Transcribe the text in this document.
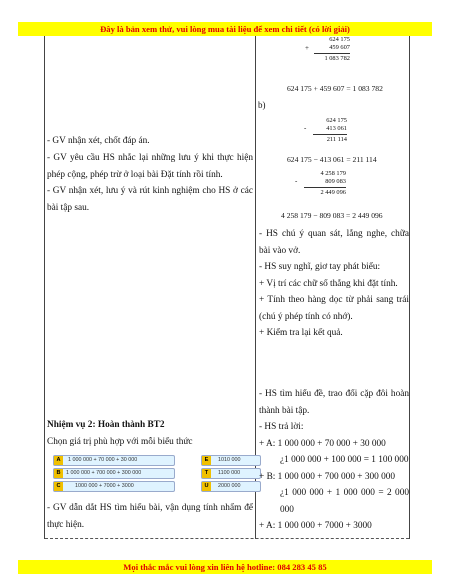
Đây là bản xem thử, vui lòng mua tài liệu để xem chi tiết (có lời giải)

- GV nhận xét, chốt đáp án.

- GV yêu cầu HS nhắc lại những lưu ý khi thực hiện phép cộng, phép trừ ở loại bài Đặt tính rồi tính.

- GV nhận xét, lưu ý và rút kinh nghiệm cho HS ở các bài tập sau.

Nhiệm vụ 2: Hoàn thành BT2

Chọn giá trị phù hợp với mỗi biểu thức

A	1 000 000 + 70 000 + 30 000	E	1010 000
B	1 000 000 + 700 000 + 300 000	T	1100 000
C	1000 000 + 7000 + 3000	U	2000 000

- GV dẫn dắt HS tìm hiểu bài, vận dụng tính nhẩm để thực hiện.

+
624 175
459 607
1 083 782
624 175 + 459 607 = 1 083 782
b)
-
624 175
413 061
211 114
624 175 − 413 061 = 211 114
-
4 258 179
809 083
2 449 096
4 258 179 − 809 083 = 2 449 096

- HS chú ý quan sát, lắng nghe, chữa bài vào vở.

- HS suy nghĩ, giơ tay phát biểu:

+ Vị trí các chữ số thẳng khi đặt tính.

+ Tính theo hàng dọc từ phải sang trái (chú ý phép tính có nhớ).

+ Kiểm tra lại kết quả.

- HS tìm hiểu đề, trao đổi cặp đôi hoàn thành bài tập.

- HS trả lời:

+ A: 1 000 000 + 70 000 + 30 000

¿1 000 000 + 100 000 = 1 100 000

+ B: 1 000 000 + 700 000 + 300 000

¿1 000 000 + 1 000 000 = 2 000 000

+ A: 1 000 000 + 7000 + 3000

Mọi thắc mắc vui lòng xin liên hệ hotline: 084 283 45 85
